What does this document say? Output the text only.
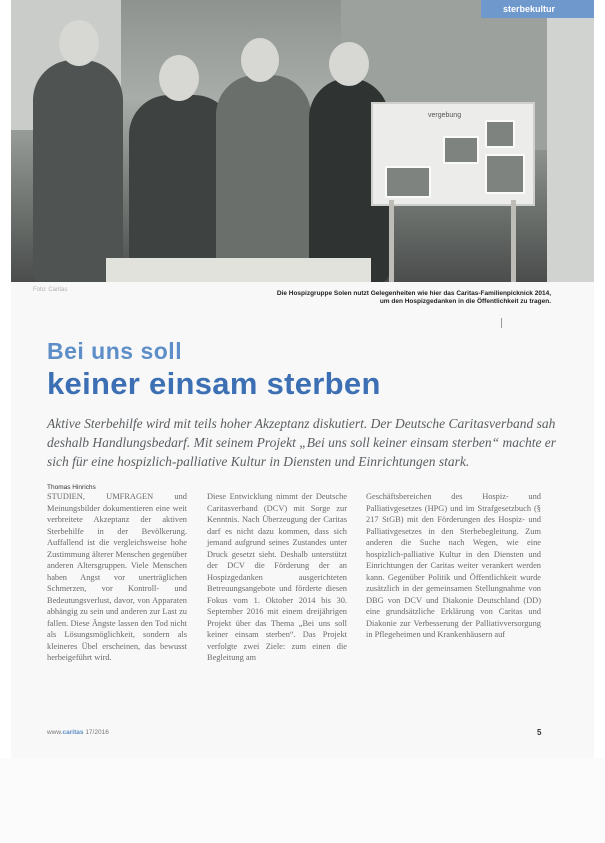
vergebung
sterbekultur
Foto: Caritas	Die Hospizgruppe Solen nutzt Gelegenheiten wie hier das Caritas-Familienpicknick 2014, um den Hospizgedanken in die Öffentlichkeit zu tragen.
Bei uns soll
keiner einsam sterben
Aktive Sterbehilfe wird mit teils hoher Akzeptanz diskutiert. Der Deutsche Caritasverband sah deshalb Handlungsbedarf. Mit seinem Projekt „Bei uns soll keiner einsam sterben“ machte er sich für eine hospizlich-palliative Kultur in Diensten und Einrichtungen stark.
Thomas Hinrichs
STUDIEN, UMFRAGEN und Meinungsbilder dokumentieren eine weit verbreitete Akzeptanz der aktiven Sterbehilfe in der Bevölkerung. Auffallend ist die vergleichsweise hohe Zustimmung älterer Menschen gegenüber anderen Altersgruppen. Viele Menschen haben Angst vor unerträglichen Schmerzen, vor Kontroll- und Bedeutungsverlust, davor, von Apparaten abhängig zu sein und anderen zur Last zu fallen. Diese Ängste lassen den Tod nicht als Lösungsmöglichkeit, sondern als kleineres Übel erscheinen, das bewusst herbeigeführt wird.
Diese Entwicklung nimmt der Deutsche Caritasverband (DCV) mit Sorge zur Kenntnis. Nach Überzeugung der Caritas darf es nicht dazu kommen, dass sich jemand aufgrund seines Zustandes unter Druck gesetzt sieht. Deshalb unterstützt der DCV die Förderung der an Hospizgedanken ausgerichteten Betreuungsangebote und förderte diesen Fokus vom 1. Oktober 2014 bis 30. September 2016 mit einem dreijährigen Projekt über das Thema „Bei uns soll keiner einsam sterben“. Das Projekt verfolgte zwei Ziele: zum einen die Begleitung am
Geschäftsbereichen des Hospiz- und Palliativgesetzes (HPG) und im Strafgesetzbuch (§ 217 StGB) mit den Förderungen des Hospiz- und Palliativgesetzes in den Sterbebegleitung. Zum anderen die Suche nach Wegen, wie eine hospizlich-palliative Kultur in den Diensten und Einrichtungen der Caritas weiter verankert werden kann. Gegenüber Politik und Öffentlichkeit wurde zusätzlich in der gemeinsamen Stellungnahme von DBG von DCV und Diakonie Deutschland (DD) eine grundsätzliche Erklärung von Caritas und Diakonie zur Verbesserung der Palliativversorgung in Pflegeheimen und Krankenhäusern auf
www.caritas 17/2016	5
